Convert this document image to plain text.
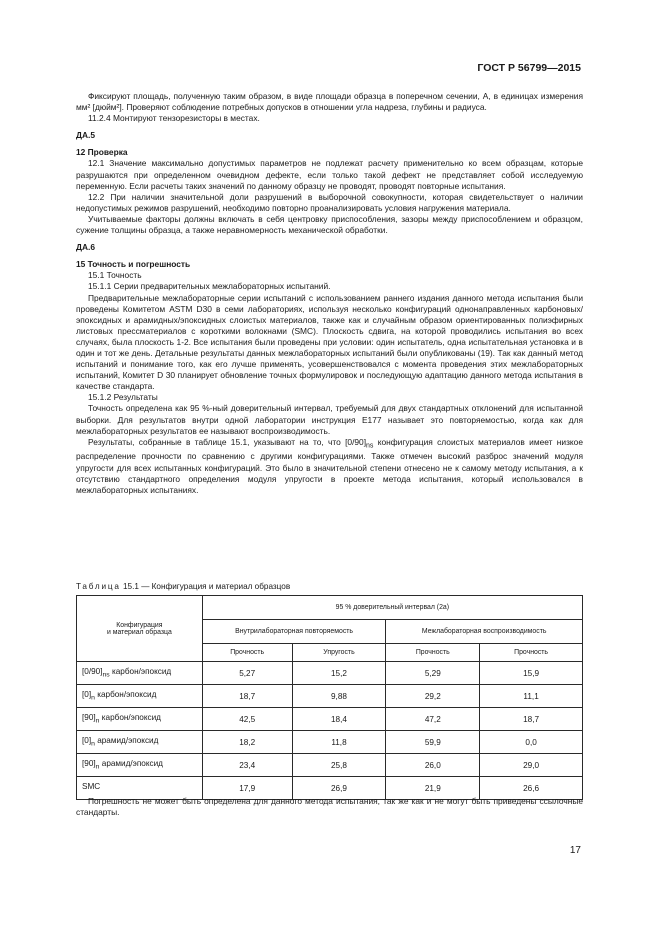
ГОСТ Р 56799—2015

Фиксируют площадь, полученную таким образом, в виде площади образца в поперечном сечении, А, в единицах измерения мм² [дюйм²]. Проверяют соблюдение потребных допусков в отношении угла надреза, глубины и радиуса.

11.2.4 Монтируют тензорезисторы в местах.

ДА.5

12 Проверка

12.1 Значение максимально допустимых параметров не подлежат расчету применительно ко всем образцам, которые разрушаются при определенном очевидном дефекте, если только такой дефект не представляет собой исследуемую переменную. Если расчеты таких значений по данному образцу не проводят, проводят повторные испытания.

12.2 При наличии значительной доли разрушений в выборочной совокупности, которая свидетельствует о наличии недопустимых режимов разрушений, необходимо повторно проанализировать условия нагружения материала.

Учитываемые факторы должны включать в себя центровку приспособления, зазоры между приспособлением и образцом, сужение толщины образца, а также неравномерность механической обработки.

ДА.6

15 Точность и погрешность

15.1 Точность

15.1.1 Серии предварительных межлабораторных испытаний.

Предварительные межлабораторные серии испытаний с использованием раннего издания данного метода испытания были проведены Комитетом ASTM D30 в семи лабораториях, используя несколько конфигураций однонаправленных карбоновых/эпоксидных и арамидных/эпоксидных слоистых материалов, также как и случайным образом ориентированных полиэфирных листовых прессматериалов с короткими волокнами (SMC). Плоскость сдвига, на которой проводились испытания во всех случаях, была плоскость 1-2. Все испытания были проведены при условии: один испытатель, одна испытательная установка и в один и тот же день. Детальные результаты данных межлабораторных испытаний были опубликованы (19). Так как данный метод испытаний и понимание того, как его лучше применять, усовершенствовался с момента проведения этих межлабораторных испытаний, Комитет D 30 планирует обновление точных формулировок и последующую адаптацию данного метода испытания в качестве стандарта.

15.1.2 Результаты

Точность определена как 95 %-ный доверительный интервал, требуемый для двух стандартных отклонений для испытанной выборки. Для результатов внутри одной лаборатории инструкция E177 называет это повторяемостью, когда как для межлабораторных результатов ее называют воспроизводимость.

Результаты, собранные в таблице 15.1, указывают на то, что $[0/90]_{ns}$ конфигурация слоистых материалов имеет низкое распределение прочности по сравнению с другими конфигурациями. Также отмечен высокий разброс значений модуля упругости для всех испытанных конфигураций. Это было в значительной степени отнесено не к самому методу испытания, а к отсутствию стандартного определения модуля упругости в проекте метода испытания, который использовался в межлабораторных испытаниях.

Таблица 15.1 — Конфигурация и материал образцов
Конфигурация
и материал образца	95 % доверительный интервал (2a)			
	Внутрилабораторная повторяемость		Межлабораторная воспроизводимость	
	Прочность	Упругость	Прочность	Прочность
$[0/90]_{ns}$ карбон/эпоксид	5,27	15,2	5,29	15,9
$[0]_n$ карбон/эпоксид	18,7	9,88	29,2	11,1
$[90]_n$ карбон/эпоксид	42,5	18,4	47,2	18,7
$[0]_n$ арамид/эпоксид	18,2	11,8	59,9	0,0
$[90]_n$ арамид/эпоксид	23,4	25,8	26,0	29,0
SMC	17,9	26,9	21,9	26,6

Погрешность не может быть определена для данного метода испытания, так же как и не могут быть приведены ссылочные стандарты.

17
